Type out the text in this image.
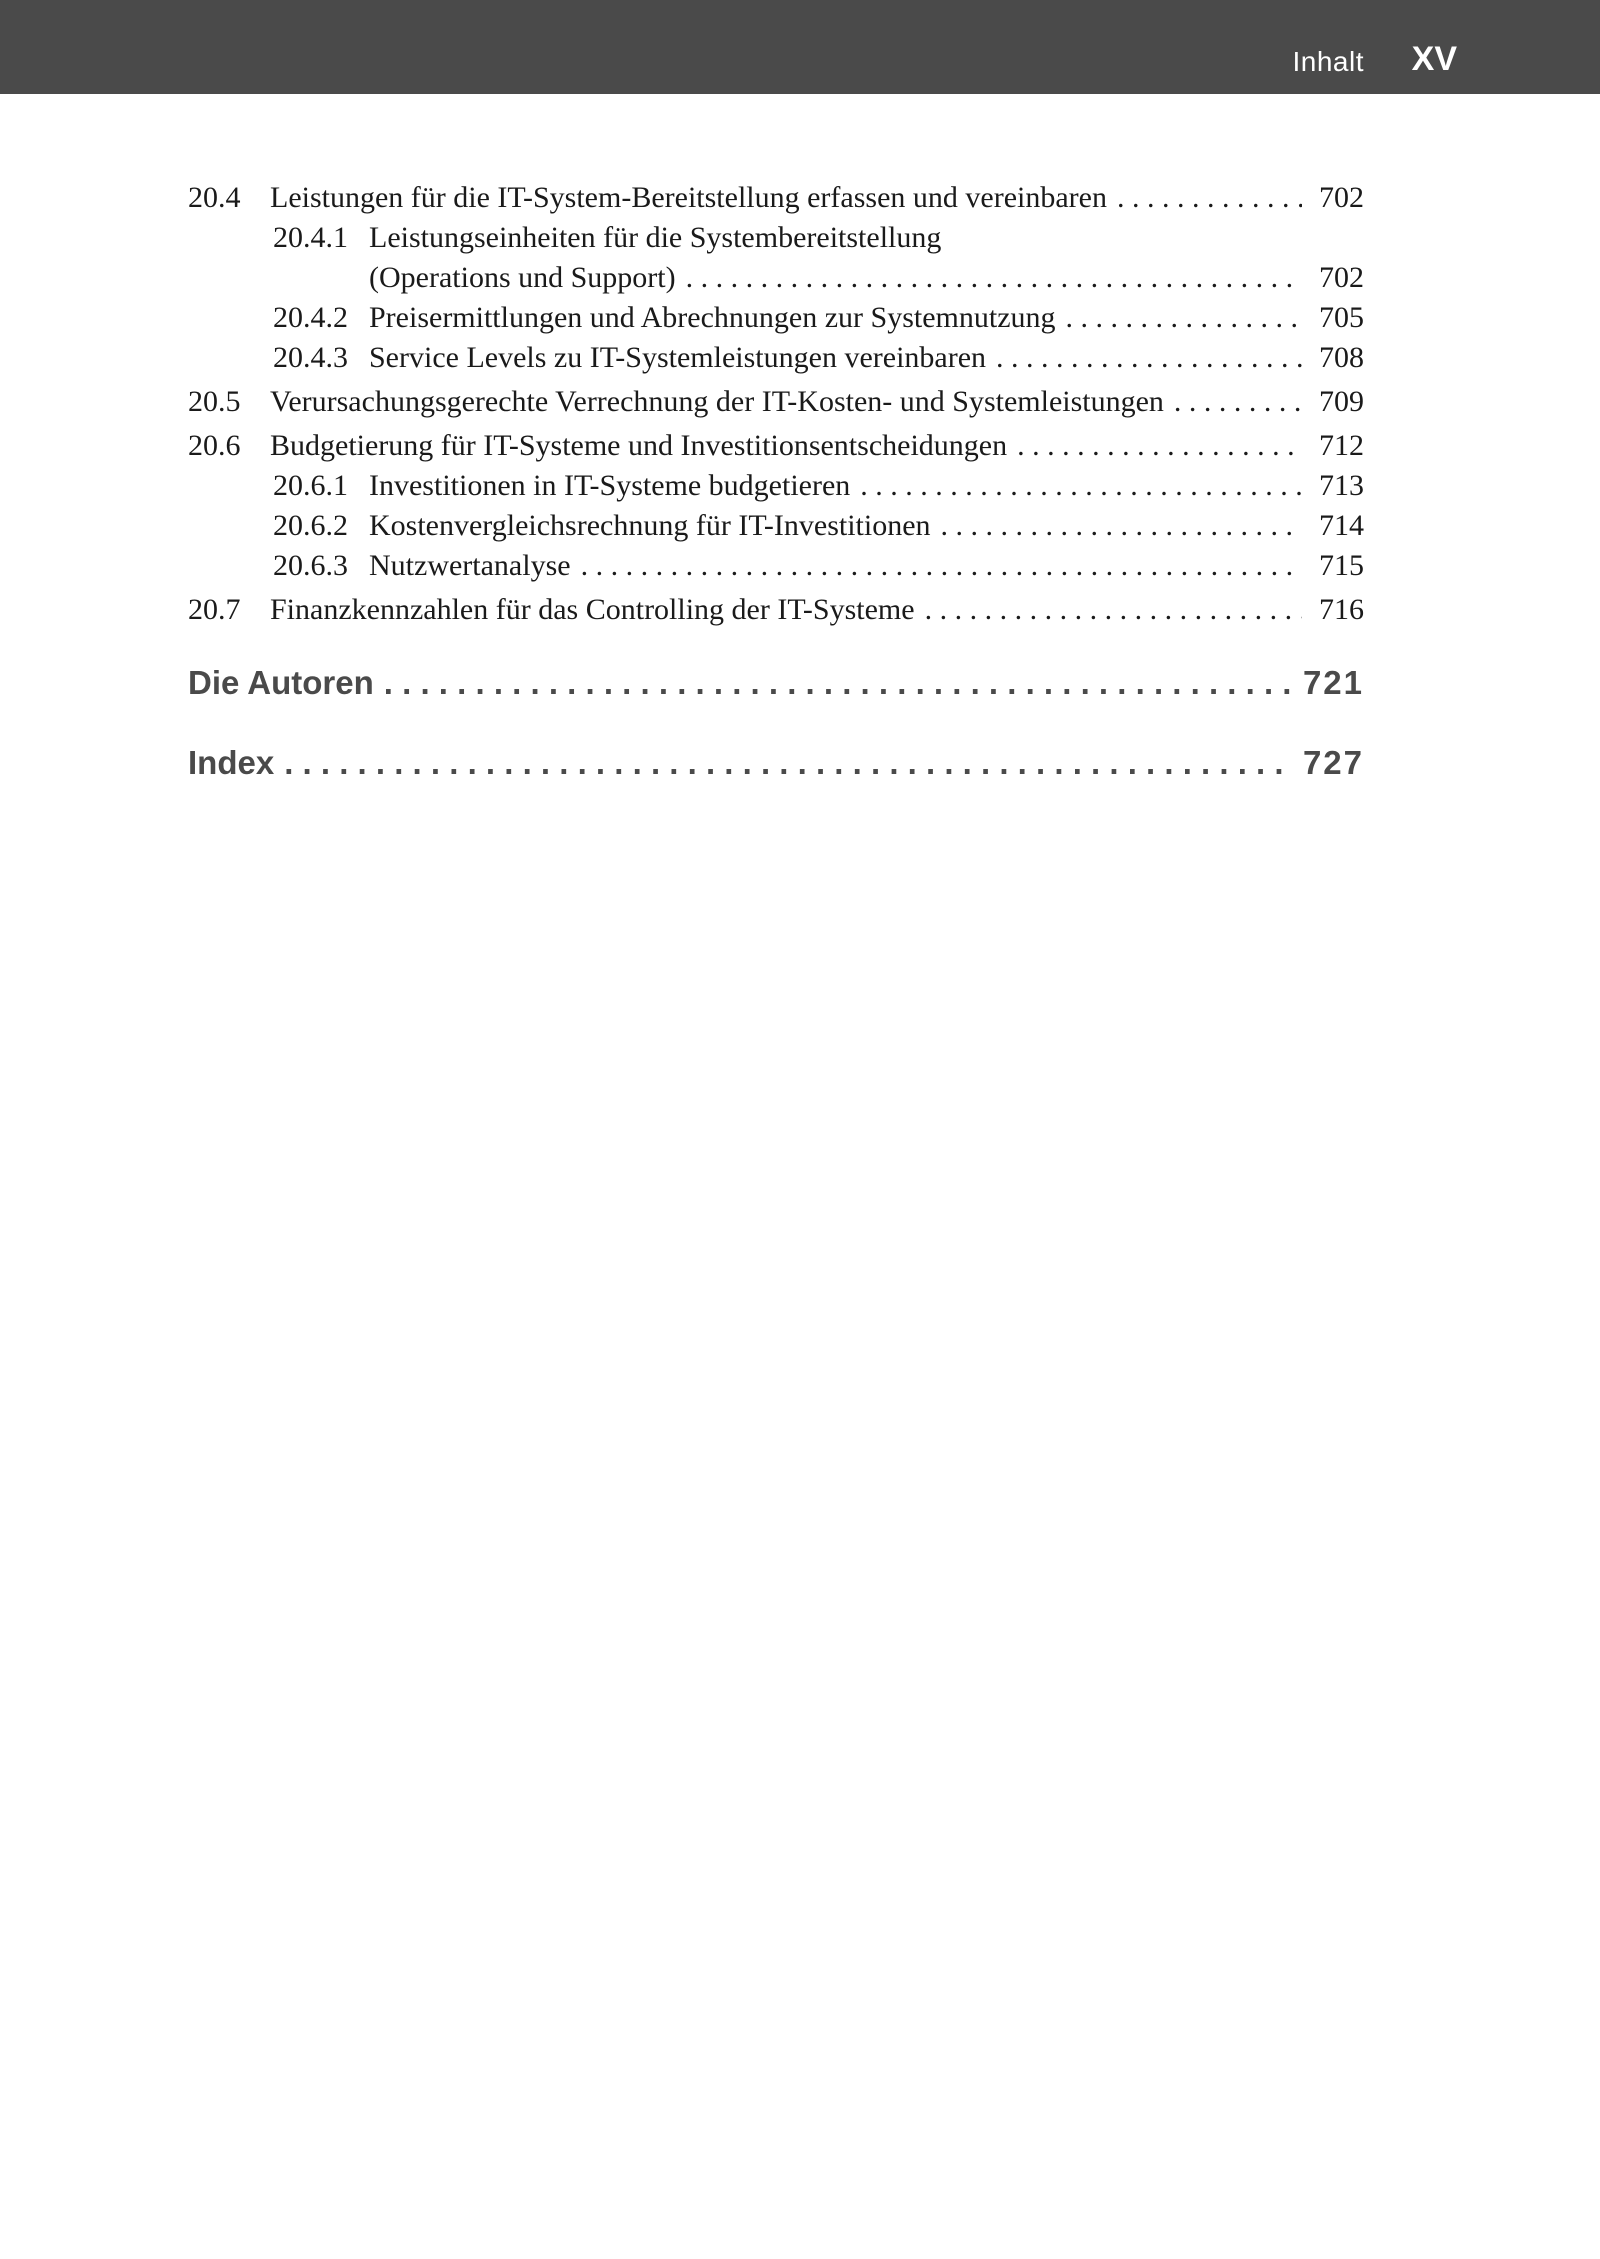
Inhalt XV
20.4 Leistungen für die IT-System-Bereitstellung erfassen und vereinbaren . . .	702
20.4.1 Leistungseinheiten für die Systembereitstellung
(Operations und Support) . . .	702
20.4.2 Preisermittlungen und Abrechnungen zur Systemnutzung . . .	705
20.4.3 Service Levels zu IT-Systemleistungen vereinbaren . . .	708
20.5 Verursachungsgerechte Verrechnung der IT-Kosten- und Systemleistungen . . .	709
20.6 Budgetierung für IT-Systeme und Investitionsentscheidungen . . .	712
20.6.1 Investitionen in IT-Systeme budgetieren . . .	713
20.6.2 Kostenvergleichsrechnung für IT-Investitionen . . .	714
20.6.3 Nutzwertanalyse . . .	715
20.7 Finanzkennzahlen für das Controlling der IT-Systeme . . .	716
Die Autoren . . .	721
Index . . .	727
